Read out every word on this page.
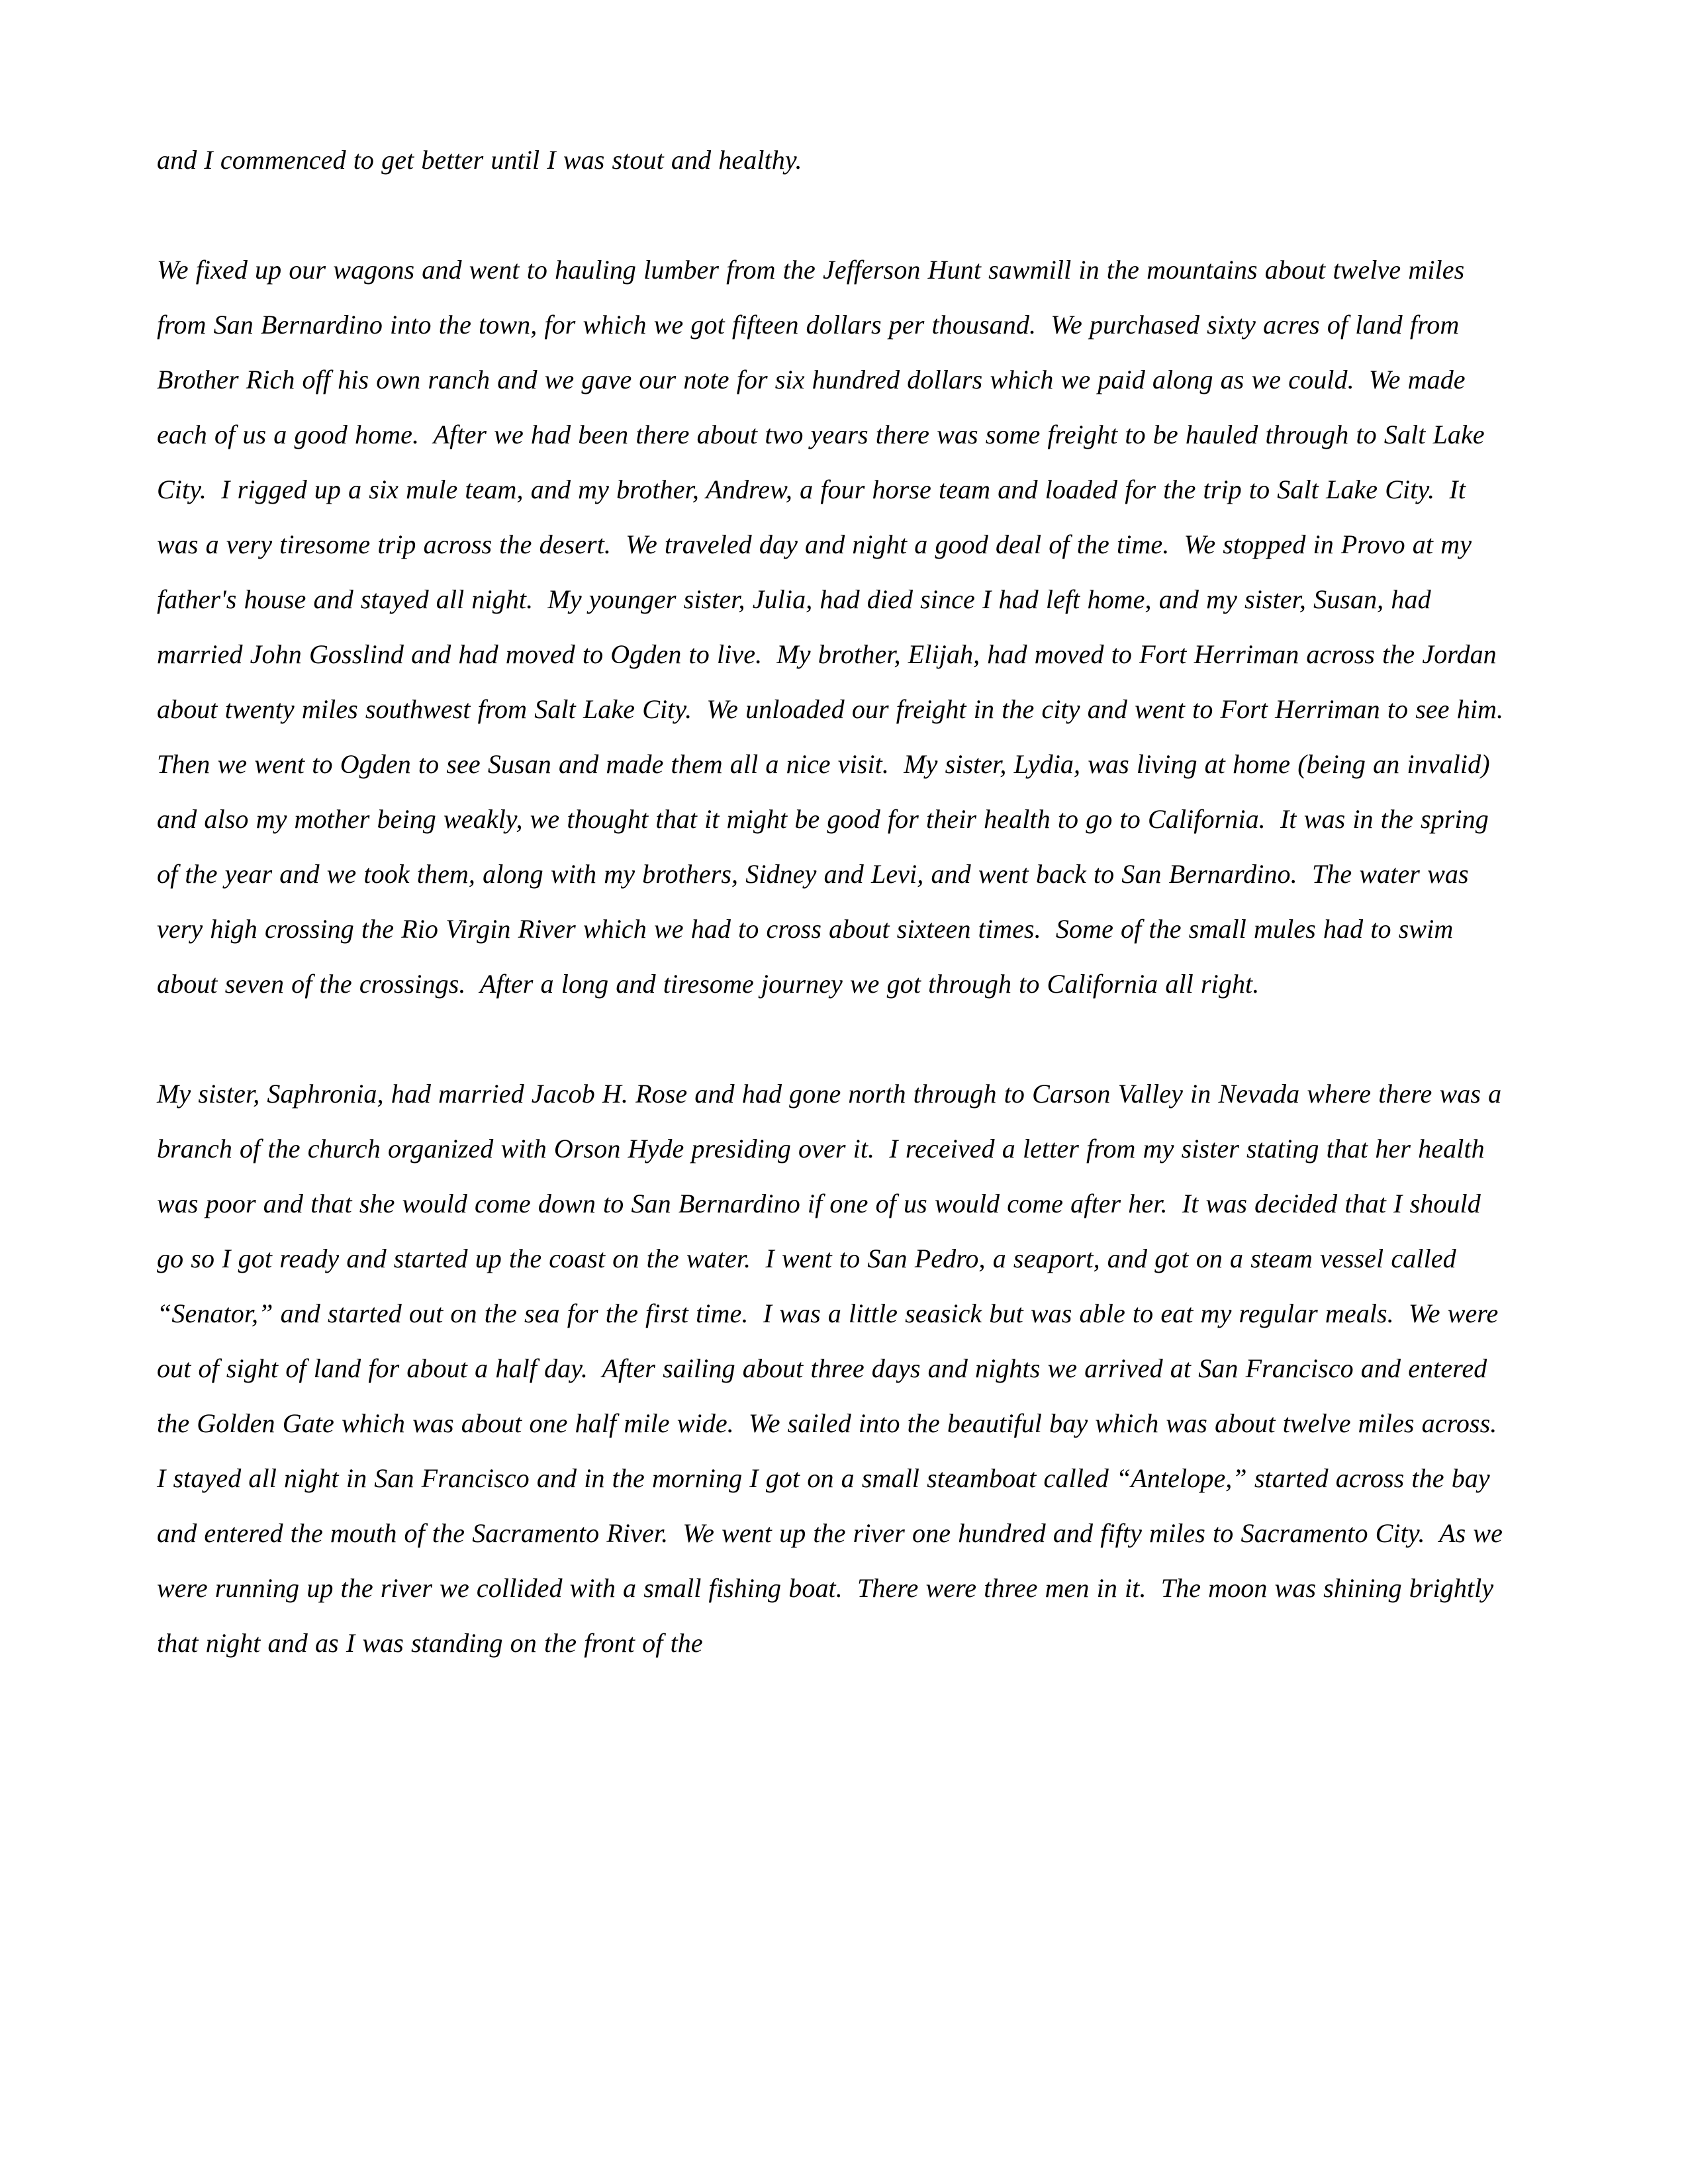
and I commenced to get better until I was stout and healthy.

We fixed up our wagons and went to hauling lumber from the Jefferson Hunt sawmill in the mountains about twelve miles from San Bernardino into the town, for which we got fifteen dollars per thousand.  We purchased sixty acres of land from Brother Rich off his own ranch and we gave our note for six hundred dollars which we paid along as we could.  We made each of us a good home.  After we had been there about two years there was some freight to be hauled through to Salt Lake City.  I rigged up a six mule team, and my brother, Andrew, a four horse team and loaded for the trip to Salt Lake City.  It was a very tiresome trip across the desert.  We traveled day and night a good deal of the time.  We stopped in Provo at my father's house and stayed all night.  My younger sister, Julia, had died since I had left home, and my sister, Susan, had married John Gosslind and had moved to Ogden to live.  My brother, Elijah, had moved to Fort Herriman across the Jordan about twenty miles southwest from Salt Lake City.  We unloaded our freight in the city and went to Fort Herriman to see him.  Then we went to Ogden to see Susan and made them all a nice visit.  My sister, Lydia, was living at home (being an invalid) and also my mother being weakly, we thought that it might be good for their health to go to California.  It was in the spring of the year and we took them, along with my brothers, Sidney and Levi, and went back to San Bernardino.  The water was very high crossing the Rio Virgin River which we had to cross about sixteen times.  Some of the small mules had to swim about seven of the crossings.  After a long and tiresome journey we got through to California all right.

My sister, Saphronia, had married Jacob H. Rose and had gone north through to Carson Valley in Nevada where there was a branch of the church organized with Orson Hyde presiding over it.  I received a letter from my sister stating that her health was poor and that she would come down to San Bernardino if one of us would come after her.  It was decided that I should go so I got ready and started up the coast on the water.  I went to San Pedro, a seaport, and got on a steam vessel called “Senator,” and started out on the sea for the first time.  I was a little seasick but was able to eat my regular meals.  We were out of sight of land for about a half day.  After sailing about three days and nights we arrived at San Francisco and entered the Golden Gate which was about one half mile wide.  We sailed into the beautiful bay which was about twelve miles across.  I stayed all night in San Francisco and in the morning I got on a small steamboat called “Antelope,” started across the bay and entered the mouth of the Sacramento River.  We went up the river one hundred and fifty miles to Sacramento City.  As we were running up the river we collided with a small fishing boat.  There were three men in it.  The moon was shining brightly that night and as I was standing on the front of the
